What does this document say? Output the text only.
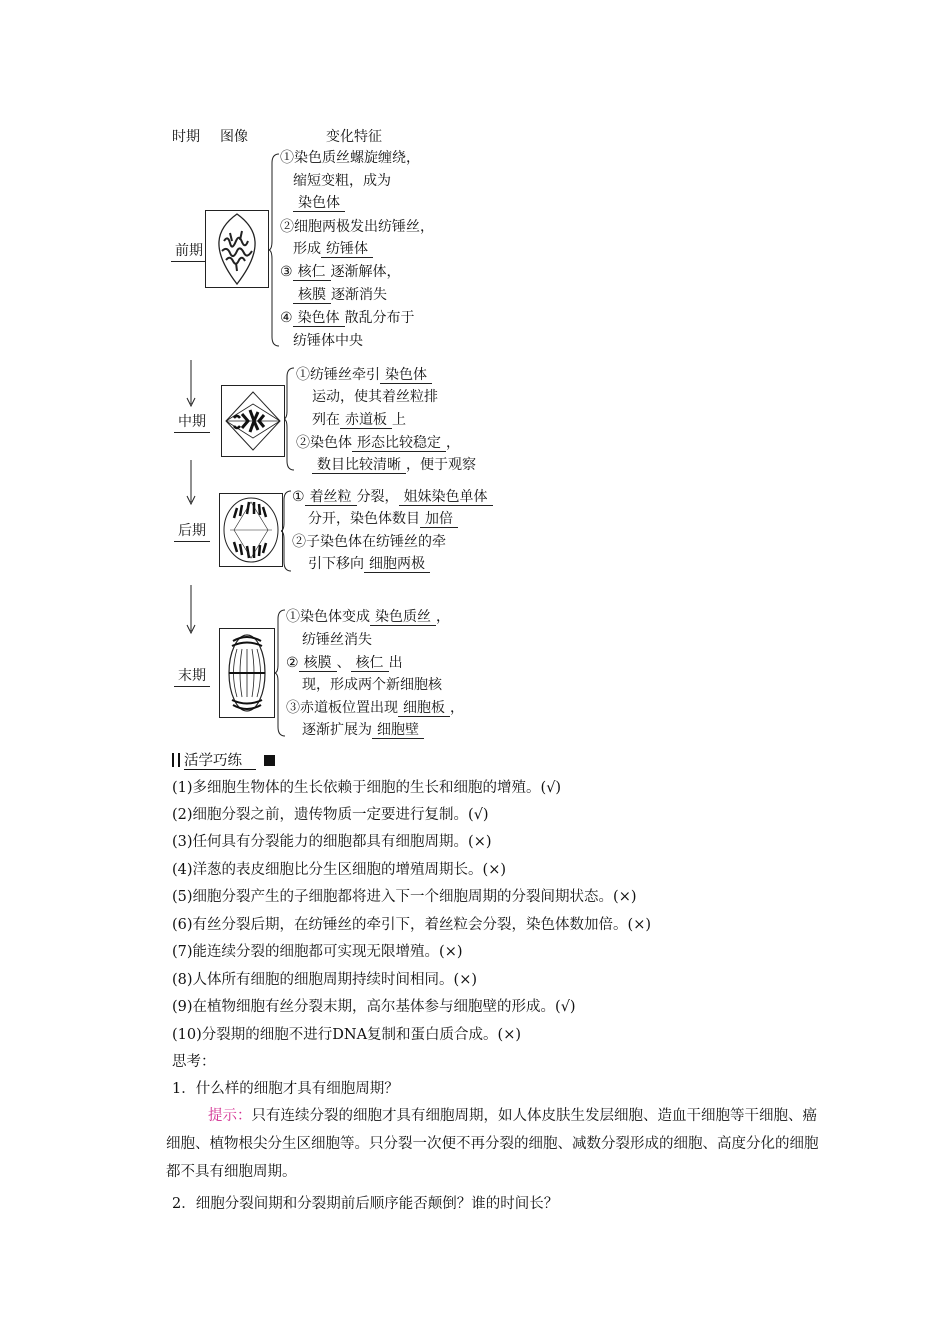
时期 图像	变化特征
前期
①染色质丝螺旋缠绕，
缩短变粗，成为
染色体
②细胞两极发出纺锤丝，
形成 纺锤体
③ 核仁 逐渐解体，
核膜 逐渐消失
④ 染色体 散乱分布于
纺锤体中央
中期
①纺锤丝牵引 染色体
运动，使其着丝粒排
列在 赤道板 上
②染色体 形态比较稳定 ，
数目比较清晰 ，便于观察
后期
① 着丝粒 分裂， 姐妹染色单体
分开，染色体数目 加倍
②子染色体在纺锤丝的牵
引下移向 细胞两极
末期
①染色体变成 染色质丝 ，
纺锤丝消失
② 核膜 、 核仁 出
现，形成两个新细胞核
③赤道板位置出现 细胞板 ，
逐渐扩展为 细胞壁
活学巧练
(1)多细胞生物体的生长依赖于细胞的生长和细胞的增殖。(√)
(2)细胞分裂之前，遗传物质一定要进行复制。(√)
(3)任何具有分裂能力的细胞都具有细胞周期。(×)
(4)洋葱的表皮细胞比分生区细胞的增殖周期长。(×)
(5)细胞分裂产生的子细胞都将进入下一个细胞周期的分裂间期状态。(×)
(6)有丝分裂后期，在纺锤丝的牵引下，着丝粒会分裂，染色体数加倍。(×)
(7)能连续分裂的细胞都可实现无限增殖。(×)
(8)人体所有细胞的细胞周期持续时间相同。(×)
(9)在植物细胞有丝分裂末期，高尔基体参与细胞壁的形成。(√)
(10)分裂期的细胞不进行DNA复制和蛋白质合成。(×)
思考：
1．什么样的细胞才具有细胞周期？
提示：只有连续分裂的细胞才具有细胞周期，如人体皮肤生发层细胞、造血干细胞等干细胞、癌细胞、植物根尖分生区细胞等。只分裂一次便不再分裂的细胞、减数分裂形成的细胞、高度分化的细胞都不具有细胞周期。
2．细胞分裂间期和分裂期前后顺序能否颠倒？谁的时间长？
